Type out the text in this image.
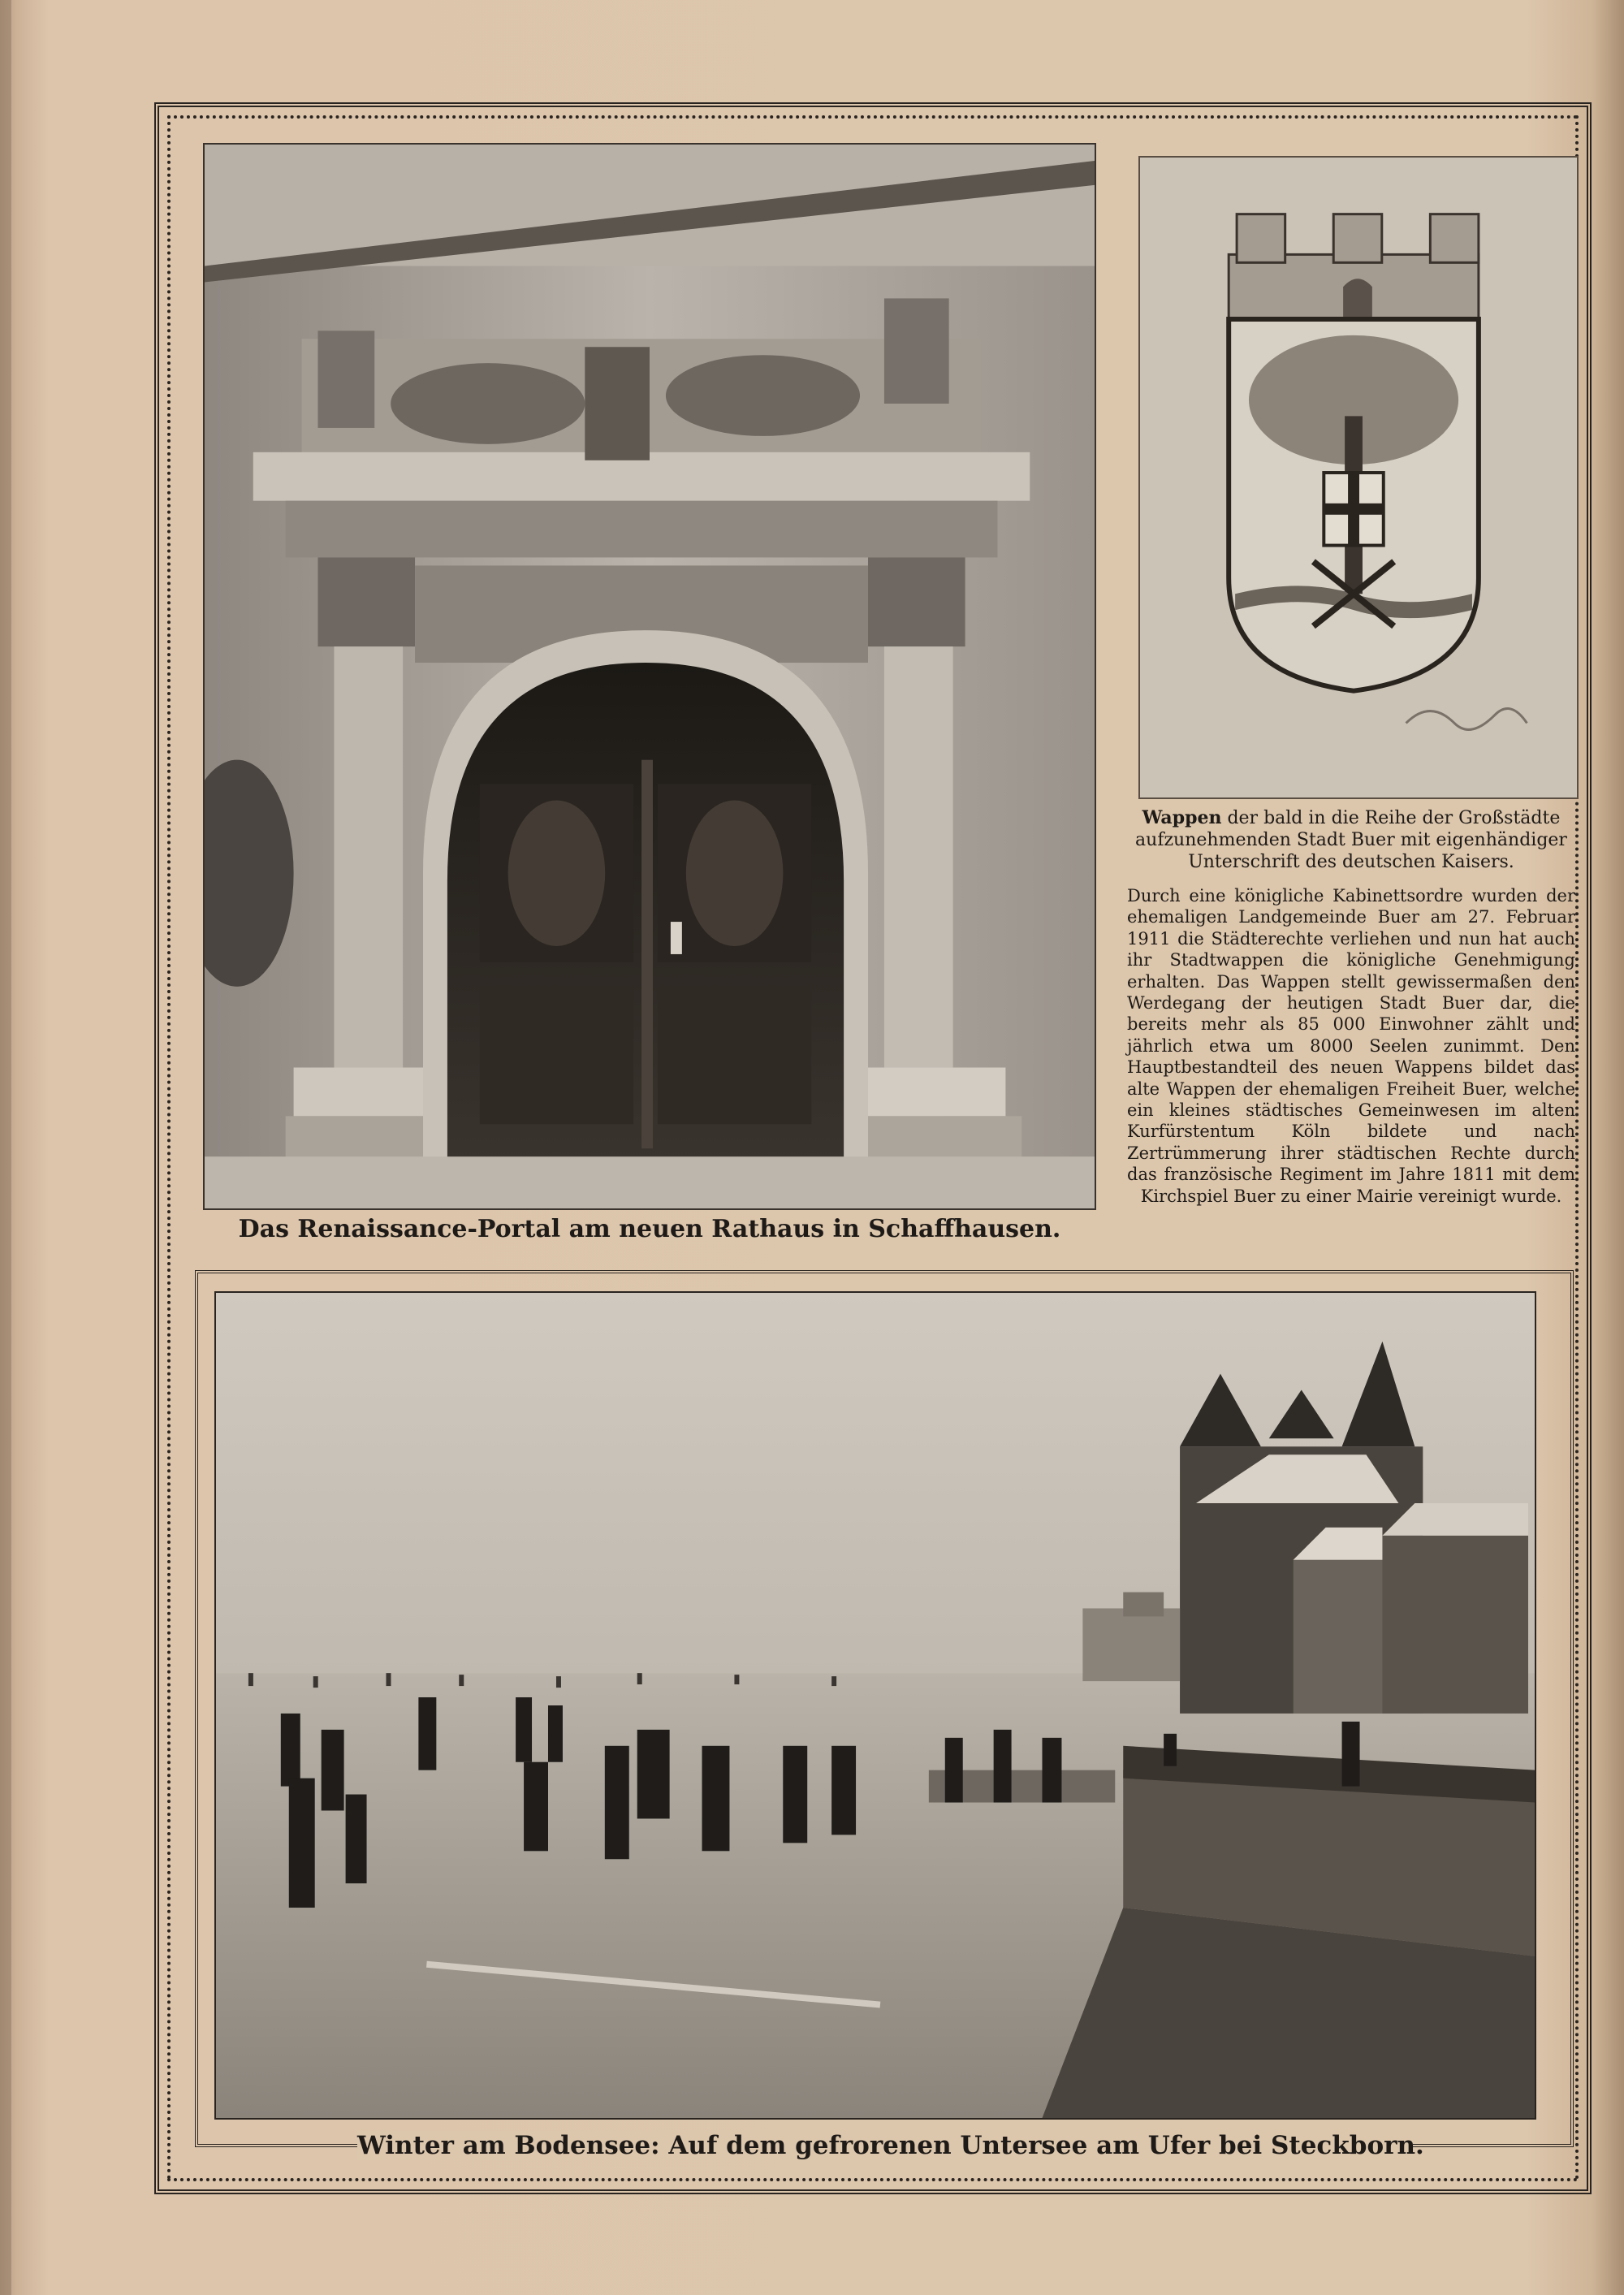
Das Renaissance-Portal am neuen Rathaus in Schaffhausen.
Wappen der bald in die Reihe der Großstädte aufzunehmenden Stadt Buer mit eigenhändiger Unterschrift des deutschen Kaisers.
Durch eine königliche Kabinettsordre wurden der ehemaligen Landgemeinde Buer am 27. Februar 1911 die Städterechte verliehen und nun hat auch ihr Stadtwappen die königliche Genehmigung erhalten. Das Wappen stellt gewissermaßen den Werdegang der heutigen Stadt Buer dar, die bereits mehr als 85 000 Einwohner zählt und jährlich etwa um 8000 Seelen zunimmt. Den Hauptbestandteil des neuen Wappens bildet das alte Wappen der ehemaligen Freiheit Buer, welche ein kleines städtisches Gemeinwesen im alten Kurfürstentum Köln bildete und nach Zertrümmerung ihrer städtischen Rechte durch das französische Regiment im Jahre 1811 mit dem Kirchspiel Buer zu einer Mairie vereinigt wurde.
Winter am Bodensee: Auf dem gefrorenen Untersee am Ufer bei Steckborn.
